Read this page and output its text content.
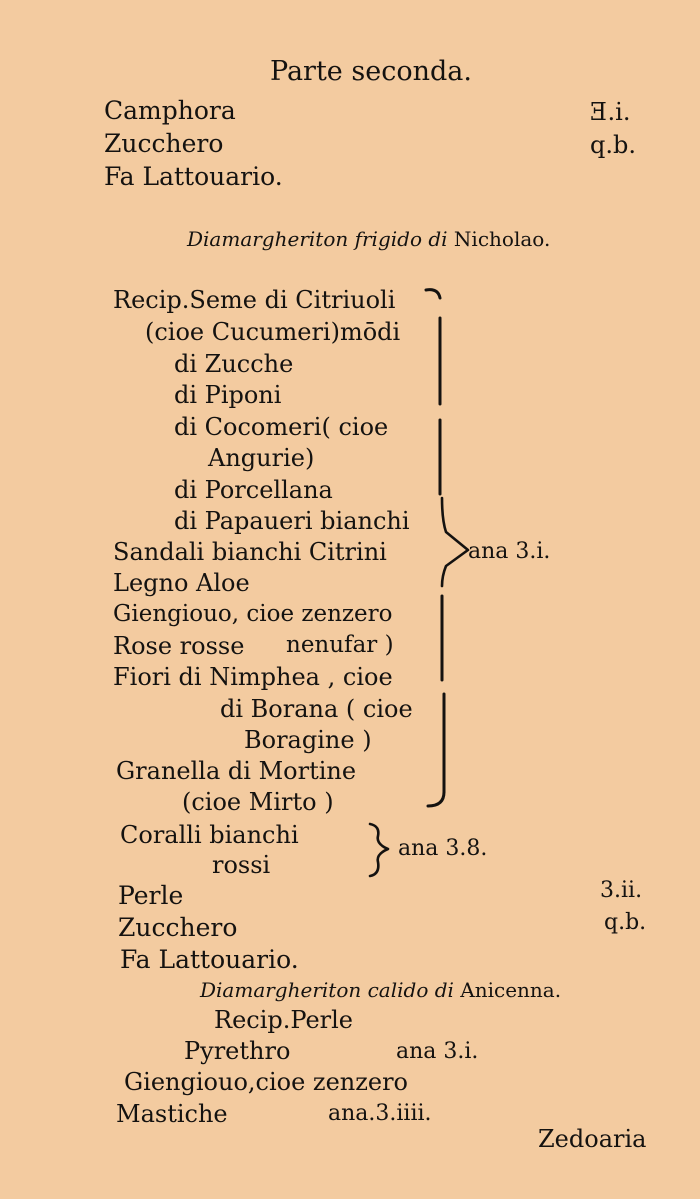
Parte seconda.
Camphora	Ǝ.i.
Zucchero	q.b.
Fa Lattouario.
Diamargheriton frigido di Nicholao.
Recip.Seme di Citriuoli
(cioe Cucumeri)mōdi
di Zucche
di Piponi
di Cocomeri( cioe
Angurie)
di Porcellana
di Papaueri bianchi
Sandali bianchi Citrini
Legno Aloe
Giengiouo, cioe zenzero
Rose rosse nenufar )
Fiori di Nimphea , cioe
di Borana ( cioe
Boragine )
Granella di Mortine
(cioe Mirto )
ana 3.i.
Coralli bianchi
rossi
ana 3.8.
Perle	3.ii.
Zucchero	q.b.
Fa Lattouario.
Diamargheriton calido di Anicenna.
Recip.Perle
Pyrethro	ana 3.i.
Giengiouo,cioe zenzero
Mastiche	ana.3.iiii.
Zedoaria
